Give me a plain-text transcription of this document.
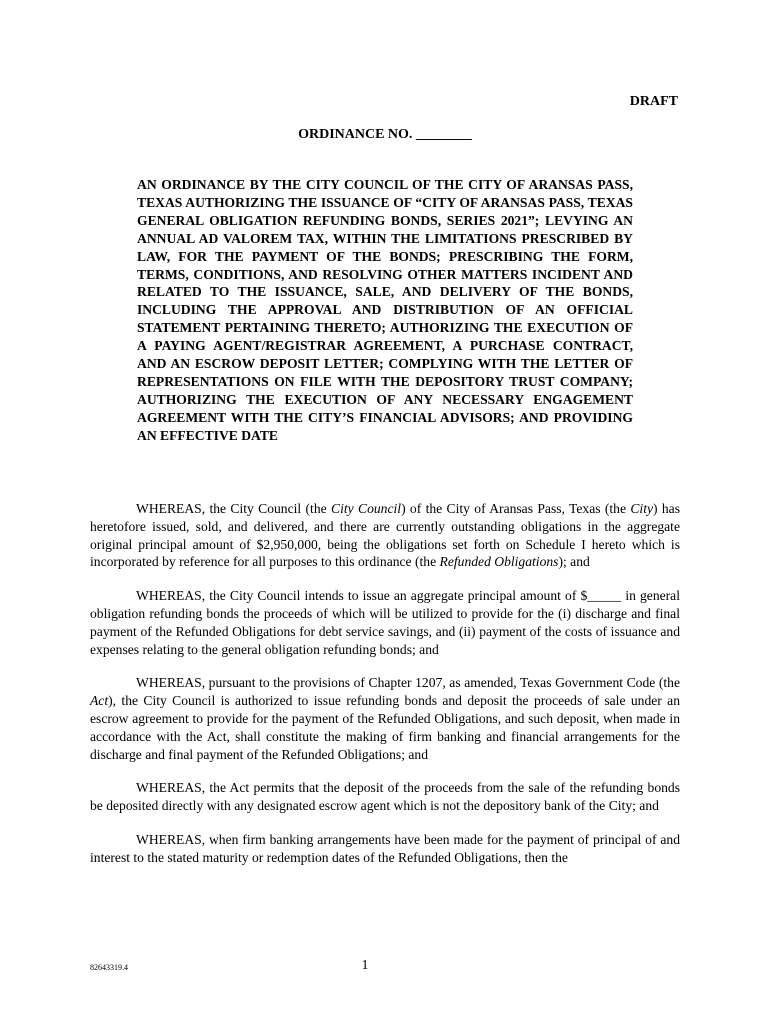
DRAFT
ORDINANCE NO. ________
AN ORDINANCE BY THE CITY COUNCIL OF THE CITY OF ARANSAS PASS, TEXAS AUTHORIZING THE ISSUANCE OF “CITY OF ARANSAS PASS, TEXAS GENERAL OBLIGATION REFUNDING BONDS, SERIES 2021”; LEVYING AN ANNUAL AD VALOREM TAX, WITHIN THE LIMITATIONS PRESCRIBED BY LAW, FOR THE PAYMENT OF THE BONDS; PRESCRIBING THE FORM, TERMS, CONDITIONS, AND RESOLVING OTHER MATTERS INCIDENT AND RELATED TO THE ISSUANCE, SALE, AND DELIVERY OF THE BONDS, INCLUDING THE APPROVAL AND DISTRIBUTION OF AN OFFICIAL STATEMENT PERTAINING THERETO; AUTHORIZING THE EXECUTION OF A PAYING AGENT/REGISTRAR AGREEMENT, A PURCHASE CONTRACT, AND AN ESCROW DEPOSIT LETTER; COMPLYING WITH THE LETTER OF REPRESENTATIONS ON FILE WITH THE DEPOSITORY TRUST COMPANY; AUTHORIZING THE EXECUTION OF ANY NECESSARY ENGAGEMENT AGREEMENT WITH THE CITY’S FINANCIAL ADVISORS; AND PROVIDING AN EFFECTIVE DATE

WHEREAS, the City Council (the City Council) of the City of Aransas Pass, Texas (the City) has heretofore issued, sold, and delivered, and there are currently outstanding obligations in the aggregate original principal amount of $2,950,000, being the obligations set forth on Schedule I hereto which is incorporated by reference for all purposes to this ordinance (the Refunded Obligations); and

WHEREAS, the City Council intends to issue an aggregate principal amount of $_____ in general obligation refunding bonds the proceeds of which will be utilized to provide for the (i) discharge and final payment of the Refunded Obligations for debt service savings, and (ii) payment of the costs of issuance and expenses relating to the general obligation refunding bonds; and

WHEREAS, pursuant to the provisions of Chapter 1207, as amended, Texas Government Code (the Act), the City Council is authorized to issue refunding bonds and deposit the proceeds of sale under an escrow agreement to provide for the payment of the Refunded Obligations, and such deposit, when made in accordance with the Act, shall constitute the making of firm banking and financial arrangements for the discharge and final payment of the Refunded Obligations; and

WHEREAS, the Act permits that the deposit of the proceeds from the sale of the refunding bonds be deposited directly with any designated escrow agent which is not the depository bank of the City; and

WHEREAS, when firm banking arrangements have been made for the payment of principal of and interest to the stated maturity or redemption dates of the Refunded Obligations, then the

82643319.4	1
